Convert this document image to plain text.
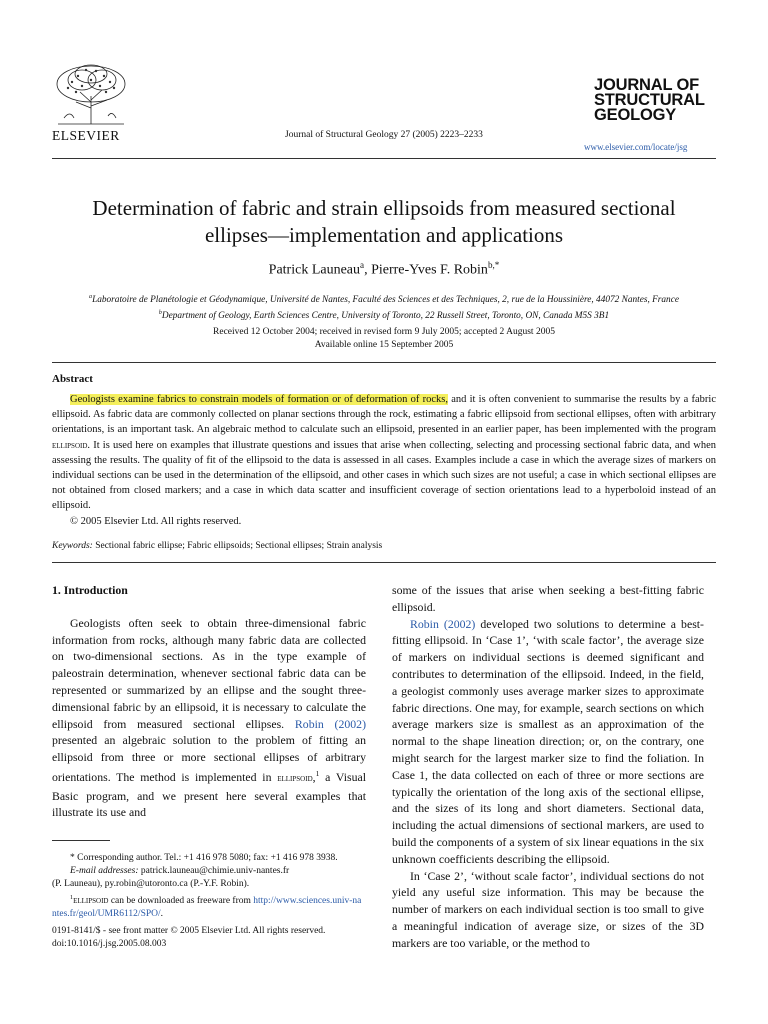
ELSEVIER	Journal of Structural Geology 27 (2005) 2223–2233
JOURNAL OF
STRUCTURAL
GEOLOGY
www.elsevier.com/locate/jsg
Determination of fabric and strain ellipsoids from measured sectional
ellipses—implementation and applications
Patrick Launeau$^a$, Pierre-Yves F. Robin$^{b,*}$
$^a$Laboratoire de Planétologie et Géodynamique, Université de Nantes, Faculté des Sciences et des Techniques, 2, rue de la Houssinière, 44072 Nantes, France
$^b$Department of Geology, Earth Sciences Centre, University of Toronto, 22 Russell Street, Toronto, ON, Canada M5S 3B1
Received 12 October 2004; received in revised form 9 July 2005; accepted 2 August 2005
Available online 15 September 2005
Abstract

Geologists examine fabrics to constrain models of formation or of deformation of rocks, and it is often convenient to summarise the results by a fabric ellipsoid. As fabric data are commonly collected on planar sections through the rock, estimating a fabric ellipsoid from sectional ellipses, often with arbitrary orientations, is an important task. An algebraic method to calculate such an ellipsoid, presented in an earlier paper, has been implemented with the program ellipsoid. It is used here on examples that illustrate questions and issues that arise when collecting, selecting and processing sectional fabric data, and when assessing the results. The quality of fit of the ellipsoid to the data is assessed in all cases. Examples include a case in which the average sizes of markers on individual sections can be used in the determination of the ellipsoid, and other cases in which such sizes are not useful; a case in which sectional ellipses are not obtained from closed markers; and a case in which data scatter and insufficient coverage of section orientations lead to a hyperboloid instead of an ellipsoid.

© 2005 Elsevier Ltd. All rights reserved.

Keywords: Sectional fabric ellipse; Fabric ellipsoids; Sectional ellipses; Strain analysis

1. Introduction

Geologists often seek to obtain three-dimensional fabric information from rocks, although many fabric data are collected on two-dimensional sections. As in the type example of paleostrain determination, whenever sectional fabric data can be represented or summarized by an ellipse and the sought three-dimensional fabric by an ellipsoid, it is necessary to calculate the ellipsoid from measured sectional ellipses. Robin (2002) presented an algebraic solution to the problem of fitting an ellipsoid from three or more sectional ellipses of arbitrary orientations. The method is implemented in ellipsoid,$^1$ a Visual Basic program, and we present here several examples that illustrate its use and

some of the issues that arise when seeking a best-fitting fabric ellipsoid.

Robin (2002) developed two solutions to determine a best-fitting ellipsoid. In ‘Case 1’, ‘with scale factor’, the average size of markers on individual sections is deemed significant and contributes to determination of the ellipsoid. Indeed, in the field, a geologist commonly uses average marker sizes to approximate fabric directions. One may, for example, search sections on which average markers size is smallest as an approximation of the normal to the shape lineation direction; or, on the contrary, one might search for the largest marker size to find the foliation. In Case 1, the data collected on each of three or more sections are typically the orientation of the long axis of the sectional ellipse, and the sizes of its long and short diameters. Sectional data, including the actual dimensions of sectional markers, are used to build the components of a system of six linear equations in the six unknown coefficients describing the ellipsoid.

In ‘Case 2’, ‘without scale factor’, individual sections do not yield any useful size information. This may be because the number of markers on each individual section is too small to give a meaningful indication of average size, or sizes of the 3D markers are too variable, or the method to

* Corresponding author. Tel.: +1 416 978 5080; fax: +1 416 978 3938.

E-mail addresses: patrick.launeau@chimie.univ-nantes.fr

(P. Launeau), py.robin@utoronto.ca (P.-Y.F. Robin).

$^1$ellipsoid can be downloaded as freeware from http://www.sciences.univ-nantes.fr/geol/UMR6112/SPO/.

0191-8141/$ - see front matter © 2005 Elsevier Ltd. All rights reserved.
doi:10.1016/j.jsg.2005.08.003
